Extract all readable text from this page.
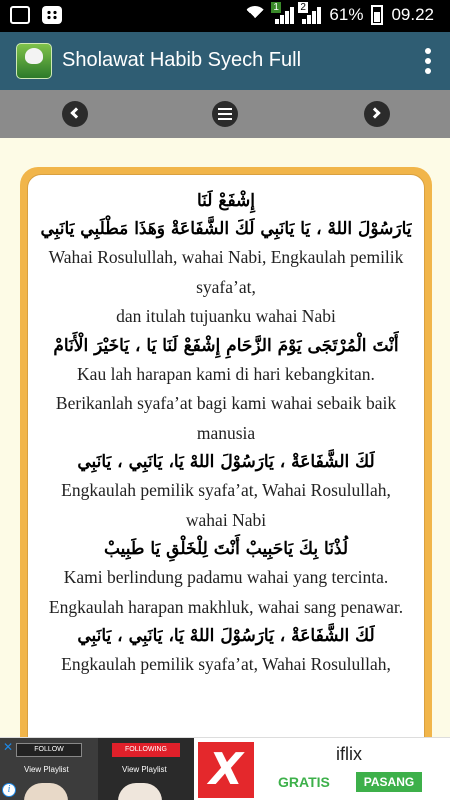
1 2 61% 09.22
Sholawat Habib Syech Full
إِشْفَعْ لَنَا
يَارَسُوْلَ اللهْ ، يَا يَانَبِي لَكَ الشَّفَاعَةْ وَهَذَا مَطْلَبِي يَانَبِي
Wahai Rosulullah, wahai Nabi, Engkaulah pemilik syafa’at,
dan itulah tujuanku wahai Nabi
أَنْتَ الْمُرْتَجَى يَوْمَ الزَّحَامِ إِشْفَعْ لَنَا يَا ، يَاخَيْرَ الْأَنَامْ
Kau lah harapan kami di hari kebangkitan.
Berikanlah syafa’at bagi kami wahai sebaik baik manusia
لَكَ الشَّفَاعَةْ ، يَارَسُوْلَ اللهْ يَا، يَانَبِي ، يَانَبِي
Engkaulah pemilik syafa’at, Wahai Rosulullah, wahai Nabi
لُذْنَا بِكَ يَاحَبِيبْ أَنْتَ لِلْخَلْقِ يَا طَبِيبْ
Kami berlindung padamu wahai yang tercinta.
Engkaulah harapan makhluk, wahai sang penawar.
لَكَ الشَّفَاعَةْ ، يَارَسُوْلَ اللهْ يَا، يَانَبِي ، يَانَبِي
Engkaulah pemilik syafa’at, Wahai Rosulullah,
FOLLOW
View Playlist
i
✕	FOLLOWING
View Playlist X	iflix
GRATIS	PASANG
